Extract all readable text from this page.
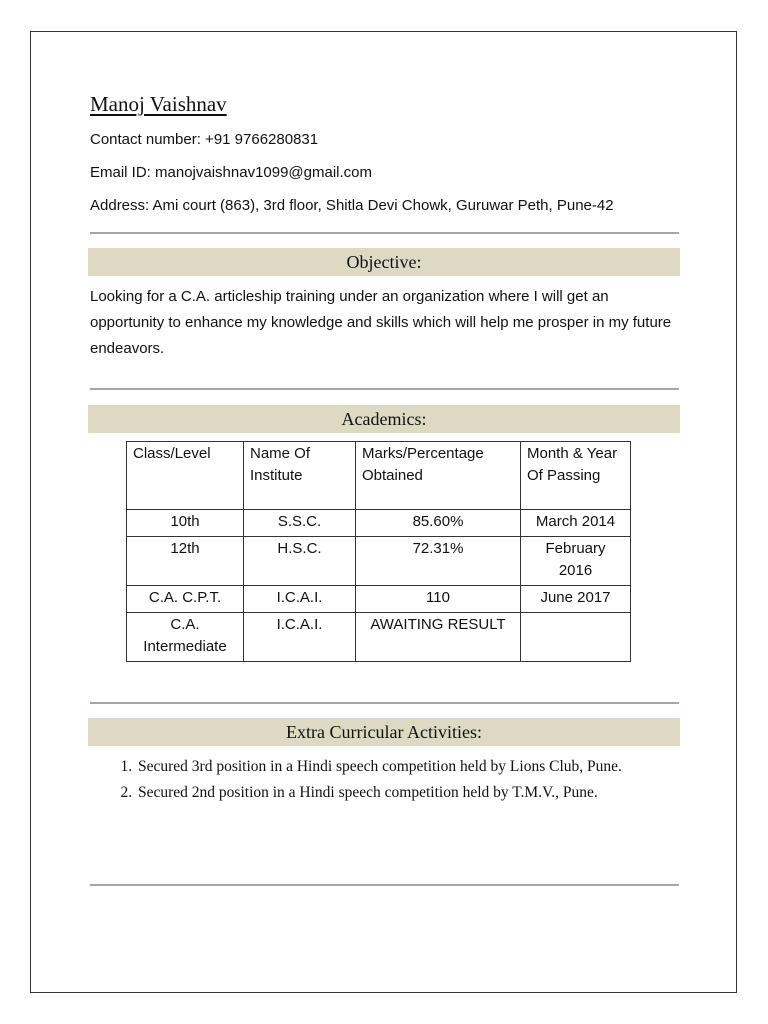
Manoj Vaishnav
Contact number: +91 9766280831
Email ID: manojvaishnav1099@gmail.com
Address: Ami court (863), 3rd floor, Shitla Devi Chowk, Guruwar Peth, Pune-42
Objective:
Looking for a C.A. articleship training under an organization where I will get an opportunity to enhance my knowledge and skills which will help me prosper in my future endeavors.
Academics:
Class/Level	Name Of Institute	Marks/Percentage Obtained	Month & Year Of Passing
10th	S.S.C.	85.60%	March 2014
12th	H.S.C.	72.31%	February 2016
C.A. C.P.T.	I.C.A.I.	110	June 2017
C.A. Intermediate	I.C.A.I.	AWAITING RESULT	
Extra Curricular Activities:
1. Secured 3rd position in a Hindi speech competition held by Lions Club, Pune.
2. Secured 2nd position in a Hindi speech competition held by T.M.V., Pune.
